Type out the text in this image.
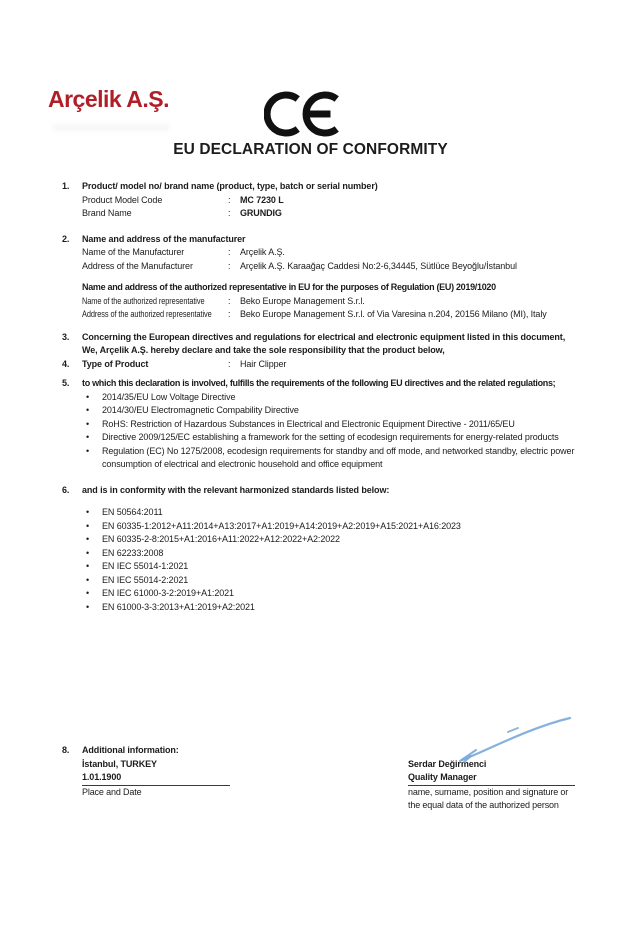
Arçelik A.Ş.
EU DECLARATION OF CONFORMITY
1.	Product/ model no/ brand name (product, type, batch or serial number)
Product Model Code :	MC 7230 L
Brand Name :	GRUNDIG
2.	Name and address of the manufacturer
Name of the Manufacturer :	Arçelik A.Ş.
Address of the Manufacturer :	Arçelik A.Ş. Karaağaç Caddesi No:2-6,34445, Sütlüce Beyoğlu/İstanbul
Name and address of the authorized representative in EU for the purposes of Regulation (EU) 2019/1020
Name of the authorized representative :	Beko Europe Management S.r.l.
Address of the authorized representative :	Beko Europe Management S.r.l. of Via Varesina n.204, 20156 Milano (MI), Italy
3.	Concerning the European directives and regulations for electrical and electronic equipment listed in this document,
We, Arçelik A.Ş. hereby declare and take the sole responsibility that the product below,
4.	Type of Product :	Hair Clipper
5.	to which this declaration is involved, fulfills the requirements of the following EU directives and the related regulations;
• 2014/35/EU Low Voltage Directive
• 2014/30/EU Electromagnetic Compability Directive
• RoHS: Restriction of Hazardous Substances in Electrical and Electronic Equipment Directive - 2011/65/EU
• Directive 2009/125/EC establishing a framework for the setting of ecodesign requirements for energy-related products
• Regulation (EC) No 1275/2008, ecodesign requirements for standby and off mode, and networked standby, electric power consumption of electrical and electronic household and office equipment
6.	and is in conformity with the relevant harmonized standards listed below:
• EN 50564:2011
• EN 60335-1:2012+A11:2014+A13:2017+A1:2019+A14:2019+A2:2019+A15:2021+A16:2023
• EN 60335-2-8:2015+A1:2016+A11:2022+A12:2022+A2:2022
• EN 62233:2008
• EN IEC 55014-1:2021
• EN IEC 55014-2:2021
• EN IEC 61000-3-2:2019+A1:2021
• EN 61000-3-3:2013+A1:2019+A2:2021
8.	Additional information:
İstanbul, TURKEY
1.01.1900
Place and Date
Serdar Değirmenci
Quality Manager
name, surname, position and signature or
the equal data of the authorized person
